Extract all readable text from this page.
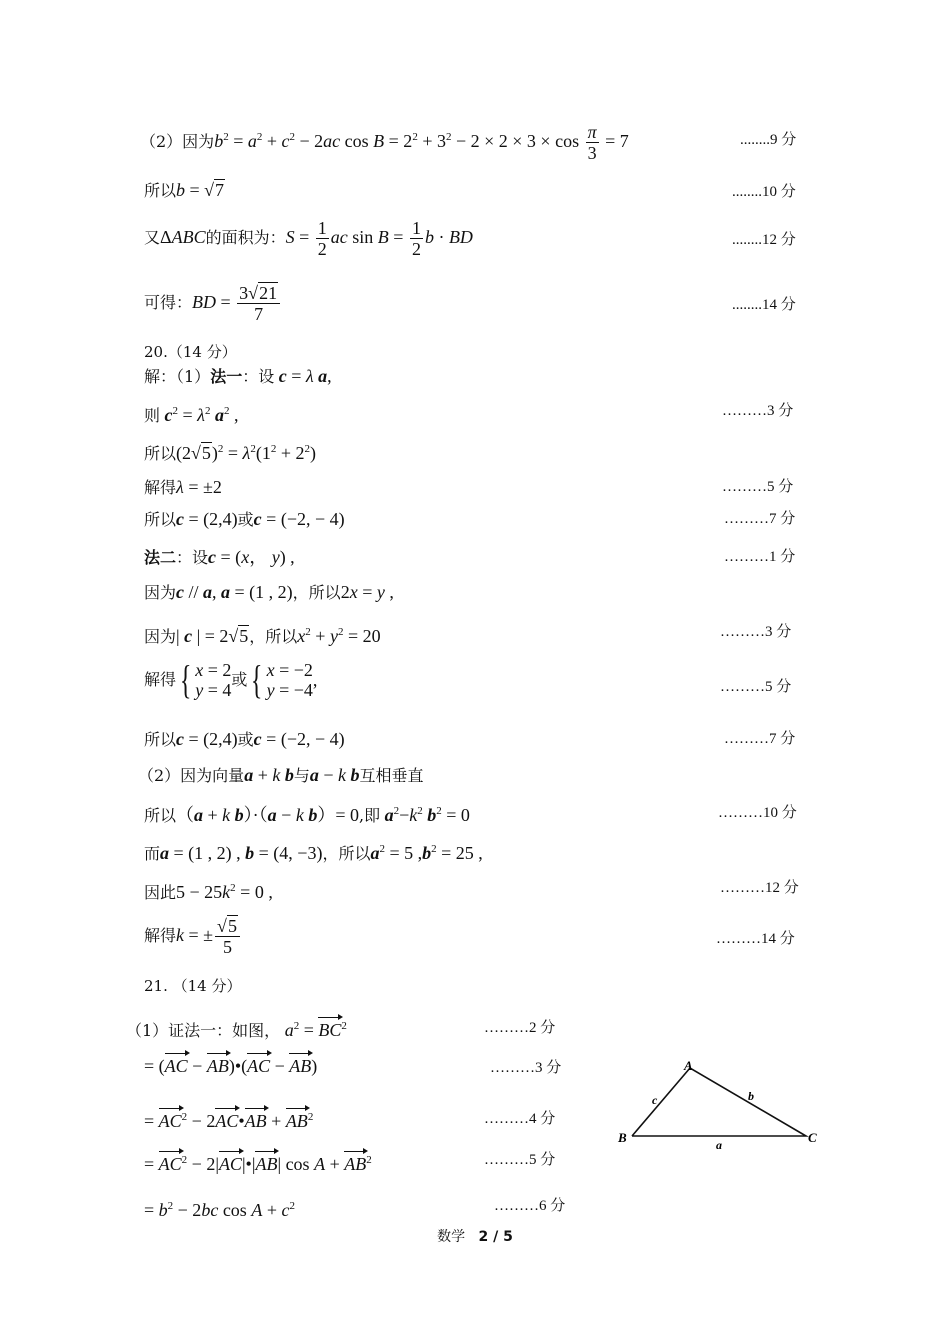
（2）因为$b^2 = a^2 + c^2 - 2ac$ $\cos B = 2^2 + 3^2 - 2 \times 2 \times 3 \times \cos \frac{\pi}{3} = 7$	........9 分
所以b = √7	........10 分
又ΔABC的面积为：$S = \frac{1}{2}$ ac $\sin B = \frac{1}{2}$ b · BD	........12 分
可得：BD = $\frac{3√21}{7}$	........14 分
20.（14 分）
解：（1）法一：设 c = λ a,
则 $c^2 = \lambda^2$ $a^2$ ,	………3 分
所以$(2√5)^2 = \lambda^2(1^2 + 2^2)$
解得λ = ±2	………5 分
所以c = (2,4)或c = (−2, − 4)	………7 分
法二：设c = (x， y) ,	………1 分
因为c // a, a = (1 , 2)，所以2x = y ,
因为| c | = 2√5，所以$x^2 + y^2 = 20$	………3 分
解得{ x = 2
y = 4
或{ x = −2
y = −4 ,	………5 分
所以c = (2,4)或c = (−2, − 4)	………7 分
（2）因为向量a + k b与a − k b互相垂直
所以（a + k b）·（a − k b）= 0,即 $a^2-k^2$ $b^2 = 0$	………10 分
而a = (1 , 2) , b = (4, −3)，所以$a^2 = 5$ $,b^2 = 25$ ,
因此$5 - 25k^2 = 0$ ,	………12 分
解得k = ± $\frac{√5}{5}$	………14 分
21. （14 分）
（1）证法一：如图， $a^2 = BC^2$	………2 分
= (AC − AB)•(AC − AB)	………3 分
= $AC^2$ − 2AC•AB + $AB^2$	………4 分
= $AC^2$ − 2|AC|•|AB| $\cos A + AB^2$	………5 分
= $b^2 - 2bc$ $\cos A + c^2$	………6 分
A
B	C
c	b
a
数学 2 / 5
